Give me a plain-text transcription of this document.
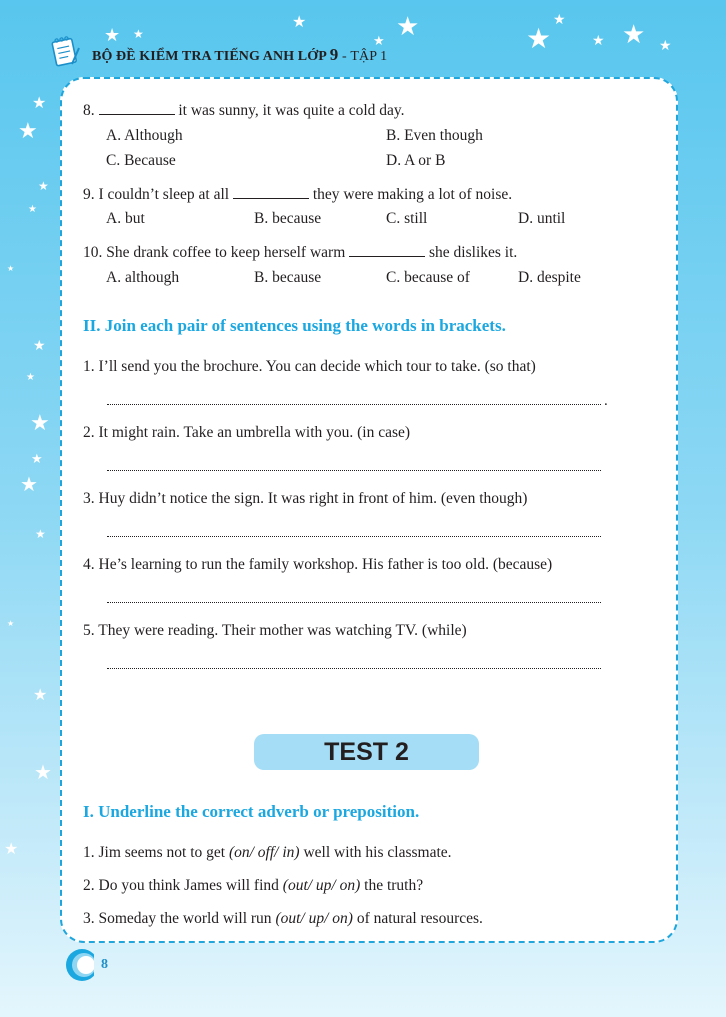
★ ★
★
★ ★	★
★
★ ★ ★
★
★
★
★
★
★
★
★
★
★
★
★
★
★
★
BỘ ĐỀ KIỂM TRA TIẾNG ANH LỚP 9 - TẬP 1
8.	it was sunny, it was quite a cold day.
A. Although	B. Even though
C. Because	D. A or B
9. I couldn’t sleep at all	they were making a lot of noise.
A. but	B. because	C. still	D. until
10. She drank coffee to keep herself warm	she dislikes it.
A. although	B. because	C. because of	D. despite
II. Join each pair of sentences using the words in brackets.
1. I’ll send you the brochure. You can decide which tour to take. (so that)
.
2. It might rain. Take an umbrella with you. (in case)
3. Huy didn’t notice the sign. It was right in front of him. (even though)
4. He’s learning to run the family workshop. His father is too old. (because)
5. They were reading. Their mother was watching TV. (while)
TEST 2
I. Underline the correct adverb or preposition.
1. Jim seems not to get (on/ off/ in) well with his classmate.
2. Do you think James will find (out/ up/ on) the truth?
3. Someday the world will run (out/ up/ on) of natural resources.
8
